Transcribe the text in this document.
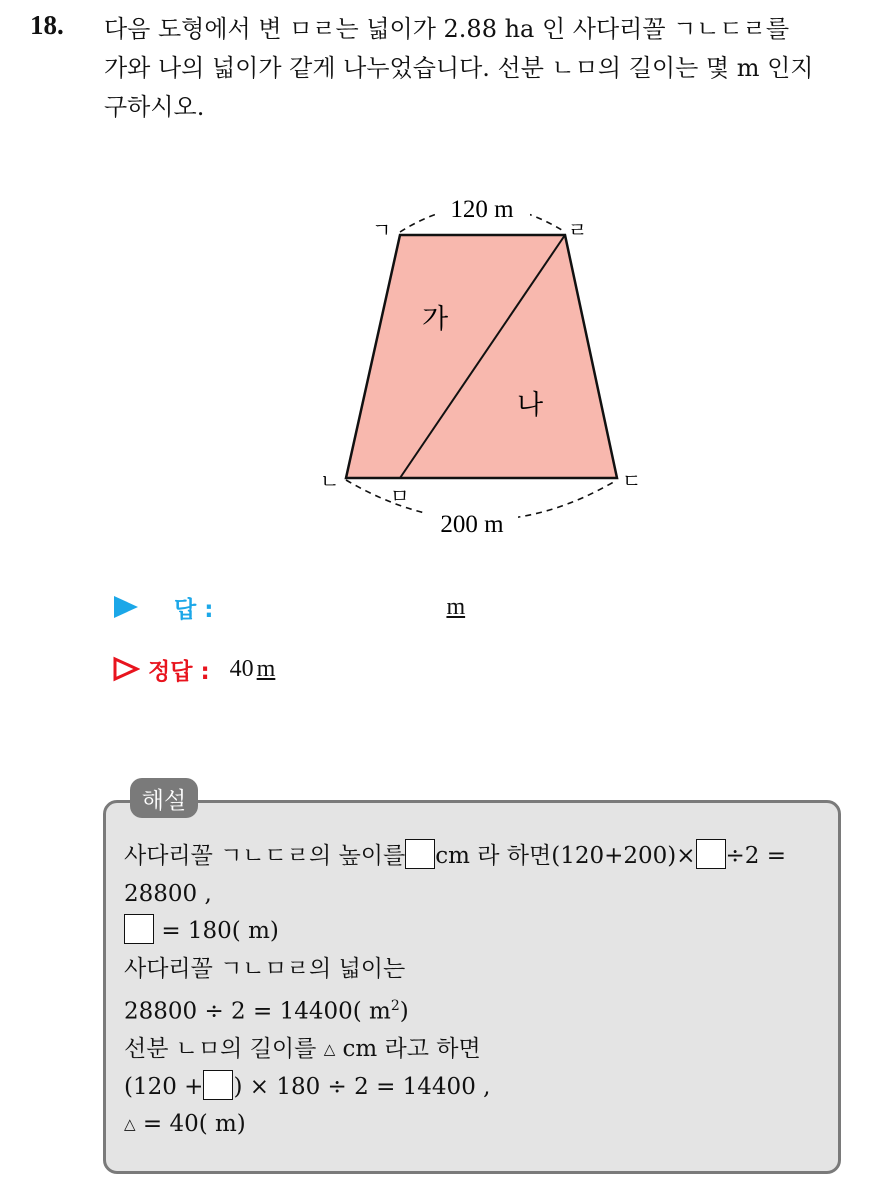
18. 다음 도형에서 변 ㅁㄹ는 넓이가 2.88 ha 인 사다리꼴 ㄱㄴㄷㄹ를
가와 나의 넓이가 같게 나누었습니다. 선분 ㄴㅁ의 길이는 몇 m 인지
구하시오.
120 m
200 m
ㄱ	ㄹ
ㄴ	ㄷ
ㅁ
가
나
답 :	m
정답 : 40 m
해설
사다리꼴 ㄱㄴㄷㄹ의 높이를 cm 라 하면(120+200)× ÷2 =
28800 ,
= 180( m)
사다리꼴 ㄱㄴㅁㄹ의 넓이는
28800 ÷ 2 = 14400( $m^2$)
선분 ㄴㅁ의 길이를 △ cm 라고 하면
(120 + ) × 180 ÷ 2 = 14400 ,
△ = 40( m)
